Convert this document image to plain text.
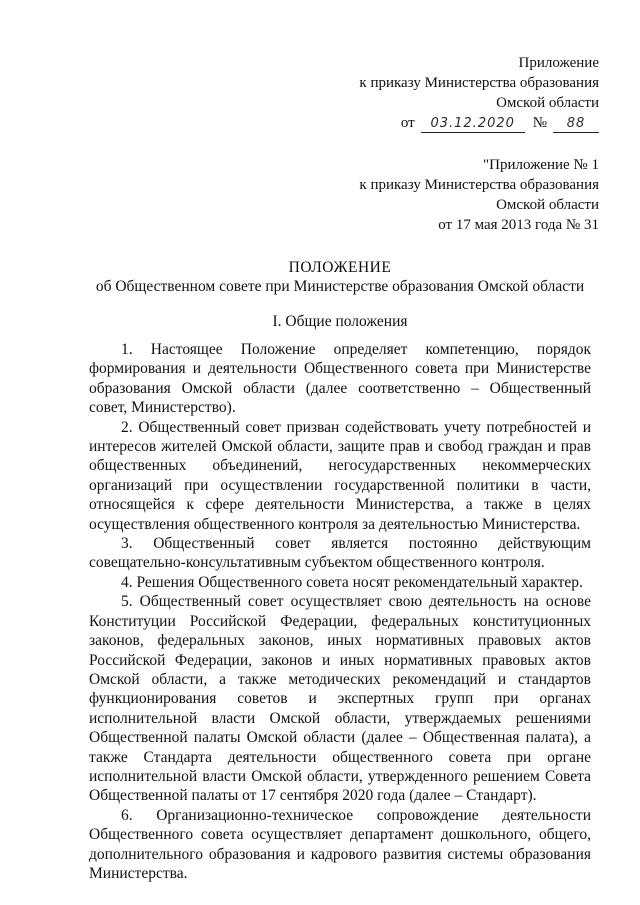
Приложение
к приказу Министерства образования
Омской области
от 03.12.2020 № 88
"Приложение № 1
к приказу Министерства образования
Омской области
от 17 мая 2013 года № 31
ПОЛОЖЕНИЕ
об Общественном совете при Министерстве образования Омской области
I. Общие положения

1. Настоящее Положение определяет компетенцию, порядок формирования и деятельности Общественного совета при Министерстве образования Омской области (далее соответственно – Общественный совет, Министерство).

2. Общественный совет призван содействовать учету потребностей и интересов жителей Омской области, защите прав и свобод граждан и прав общественных объединений, негосударственных некоммерческих организаций при осуществлении государственной политики в части, относящейся к сфере деятельности Министерства, а также в целях осуществления общественного контроля за деятельностью Министерства.

3. Общественный совет является постоянно действующим совещательно-консультативным субъектом общественного контроля.

4. Решения Общественного совета носят рекомендательный характер.

5. Общественный совет осуществляет свою деятельность на основе Конституции Российской Федерации, федеральных конституционных законов, федеральных законов, иных нормативных правовых актов Российской Федерации, законов и иных нормативных правовых актов Омской области, а также методических рекомендаций и стандартов функционирования советов и экспертных групп при органах исполнительной власти Омской области, утверждаемых решениями Общественной палаты Омской области (далее – Общественная палата), а также Стандарта деятельности общественного совета при органе исполнительной власти Омской области, утвержденного решением Совета Общественной палаты от 17 сентября 2020 года (далее – Стандарт).

6. Организационно-техническое сопровождение деятельности Общественного совета осуществляет департамент дошкольного, общего, дополнительного образования и кадрового развития системы образования Министерства.
